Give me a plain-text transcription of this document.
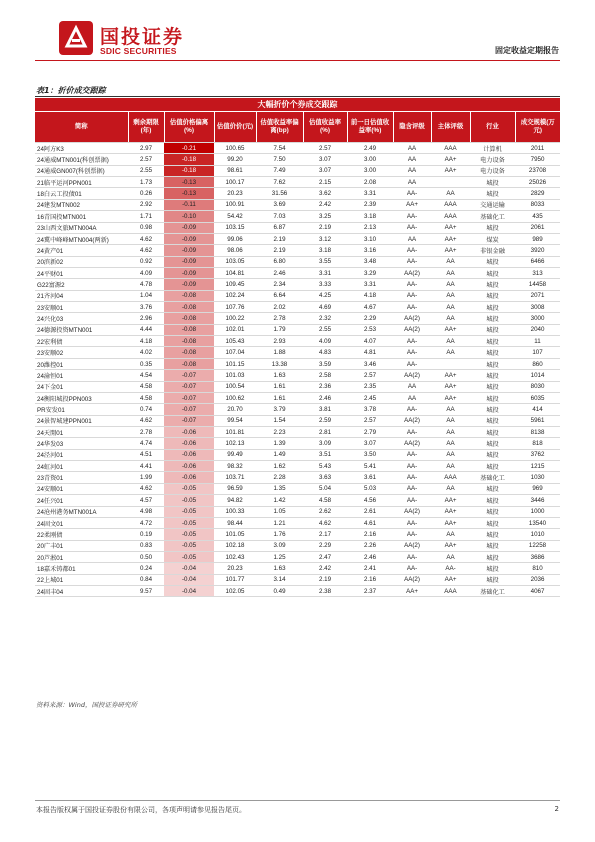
国投证券
SDIC SECURITIES	固定收益定期报告
表1：折价成交跟踪
大幅折价个券成交跟踪										
简称	剩余期限(年)	估值价格偏离(%)	估值价价(元)	估值收益率偏离(bp)	估值收益率(%)	前一日估值收益率(%)	隐含评级	主体评级	行业	成交规模(万元)
24阿方K3	2.97	-0.21	100.65	7.54	2.57	2.49	AA	AAA	计算机	2011
24通威MTN001(科创票据)	2.57	-0.18	99.20	7.50	3.07	3.00	AA	AA+	电力设备	7950
24通威GN007(科创票据)	2.55	-0.18	98.61	7.49	3.07	3.00	AA	AA+	电力设备	23708
21临平运河PPN001	1.73	-0.13	100.17	7.62	2.15	2.08	AA		城投	25026
18白云工投债01	0.26	-0.13	20.23	31.56	3.62	3.31	AA-	AA	城投	2829
24建发MTN002	2.92	-0.11	100.91	3.69	2.42	2.39	AA+	AAA	交通运输	8033
16青国投MTN001	1.71	-0.10	54.42	7.03	3.25	3.18	AA-	AAA	基础化工	435
23山西文旅MTN004A	0.98	-0.09	103.15	6.87	2.19	2.13	AA-	AA+	城投	2061
24冀中峰峰MTN004(两新)	4.62	-0.09	99.06	2.19	3.12	3.10	AA	AA+	煤炭	989
24黄产01	4.62	-0.09	98.06	2.19	3.18	3.16	AA-	AA+	非银金融	3920
20滨新02	0.92	-0.09	103.05	6.80	3.55	3.48	AA-	AA	城投	6466
24平财01	4.09	-0.09	104.81	2.46	3.31	3.29	AA(2)	AA	城投	313
G22富源2	4.78	-0.09	109.45	2.34	3.33	3.31	AA-	AA	城投	14458
21齐河04	1.04	-0.08	102.24	6.64	4.25	4.18	AA-	AA	城投	2071
23安顺01	3.76	-0.08	107.76	2.02	4.69	4.67	AA-	AA	城投	3008
24兴化03	2.96	-0.08	100.22	2.78	2.32	2.29	AA(2)	AA	城投	3000
24德源投资MTN001	4.44	-0.08	102.01	1.79	2.55	2.53	AA(2)	AA+	城投	2040
22宏利债	4.18	-0.08	105.43	2.93	4.09	4.07	AA-	AA	城投	11
23安顺02	4.02	-0.08	107.04	1.88	4.83	4.81	AA-	AA	城投	107
20潍控01	0.35	-0.08	101.15	13.38	3.59	3.46	AA-		城投	860
24渝恒01	4.54	-0.07	101.03	1.63	2.58	2.57	AA(2)	AA+	城投	1014
24下金01	4.58	-0.07	100.54	1.61	2.36	2.35	AA	AA+	城投	8030
24衡阳城投PPN003	4.58	-0.07	100.62	1.61	2.46	2.45	AA	AA+	城投	6035
PR安发01	0.74	-0.07	20.70	3.79	3.81	3.78	AA-	AA	城投	414
24景智城建PPN001	4.62	-0.07	99.54	1.54	2.59	2.57	AA(2)	AA	城投	5961
24天閒01	2.78	-0.06	101.81	2.23	2.81	2.79	AA-	AA	城投	8138
24华发03	4.74	-0.06	102.13	1.39	3.09	3.07	AA(2)	AA	城投	818
24泾河01	4.51	-0.06	99.49	1.49	3.51	3.50	AA-	AA	城投	3762
24虹河01	4.41	-0.06	98.32	1.62	5.43	5.41	AA-	AA	城投	1215
23青资01	1.99	-0.06	103.71	2.28	3.63	3.61	AA-	AAA	基础化工	1030
24安顺01	4.62	-0.05	96.59	1.35	5.04	5.03	AA-	AA	城投	969
24任兴01	4.57	-0.05	94.82	1.42	4.58	4.56	AA-	AA+	城投	3446
24沧州港务MTN001A	4.98	-0.05	100.33	1.05	2.62	2.61	AA(2)	AA+	城投	1000
24固文01	4.72	-0.05	98.44	1.21	4.62	4.61	AA-	AA+	城投	13540
22柔刚债	0.19	-0.05	101.05	1.76	2.17	2.16	AA-	AA	城投	1010
20广丰01	0.83	-0.05	102.18	3.09	2.29	2.26	AA(2)	AA+	城投	12258
20芦淞01	0.50	-0.05	102.43	1.25	2.47	2.46	AA-	AA	城投	3686
18嘉禾铸都01	0.24	-0.04	20.23	1.63	2.42	2.41	AA-	AA-	城投	810
22上城01	0.84	-0.04	101.77	3.14	2.19	2.16	AA(2)	AA+	城投	2036
24固丰04	9.57	-0.04	102.05	0.49	2.38	2.37	AA+	AAA	基础化工	4067
资料来源：Wind，国投证券研究所
本报告版权属于国投证券股份有限公司，各项声明请参见报告尾页。	2
